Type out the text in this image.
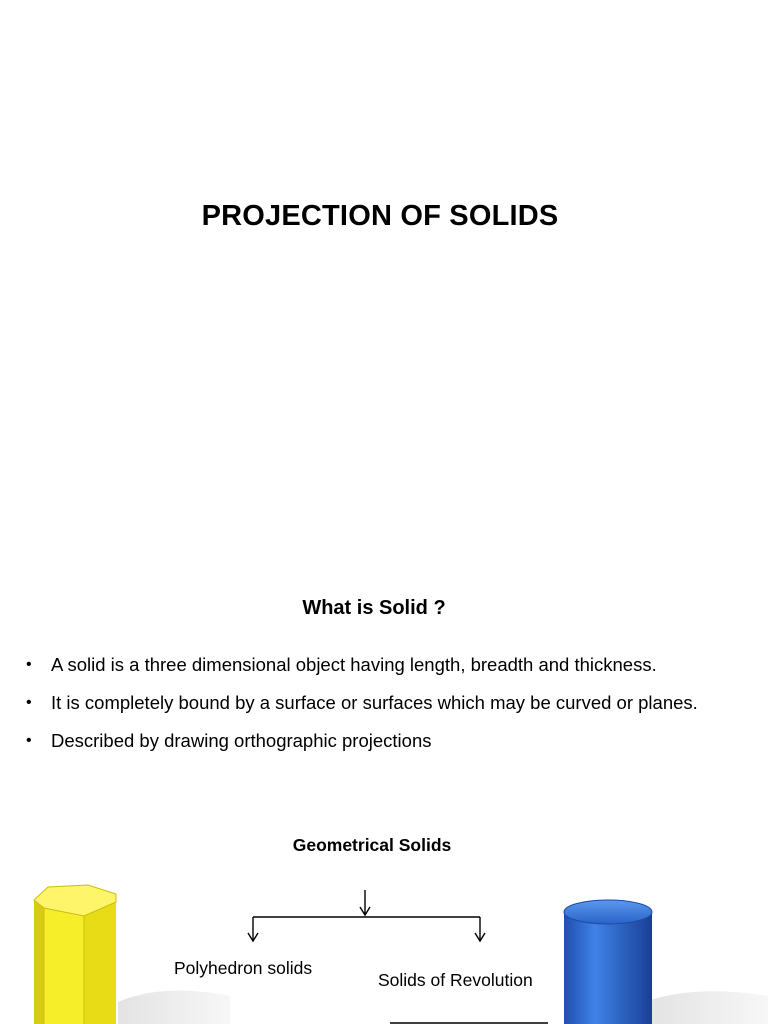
PROJECTION OF SOLIDS
What is Solid ?
• A solid is a three dimensional object having length, breadth and thickness.
• It is completely bound by a surface or surfaces which may be curved or planes.
• Described by drawing orthographic projections
Geometrical Solids
Polyhedron solids
Solids of Revolution
